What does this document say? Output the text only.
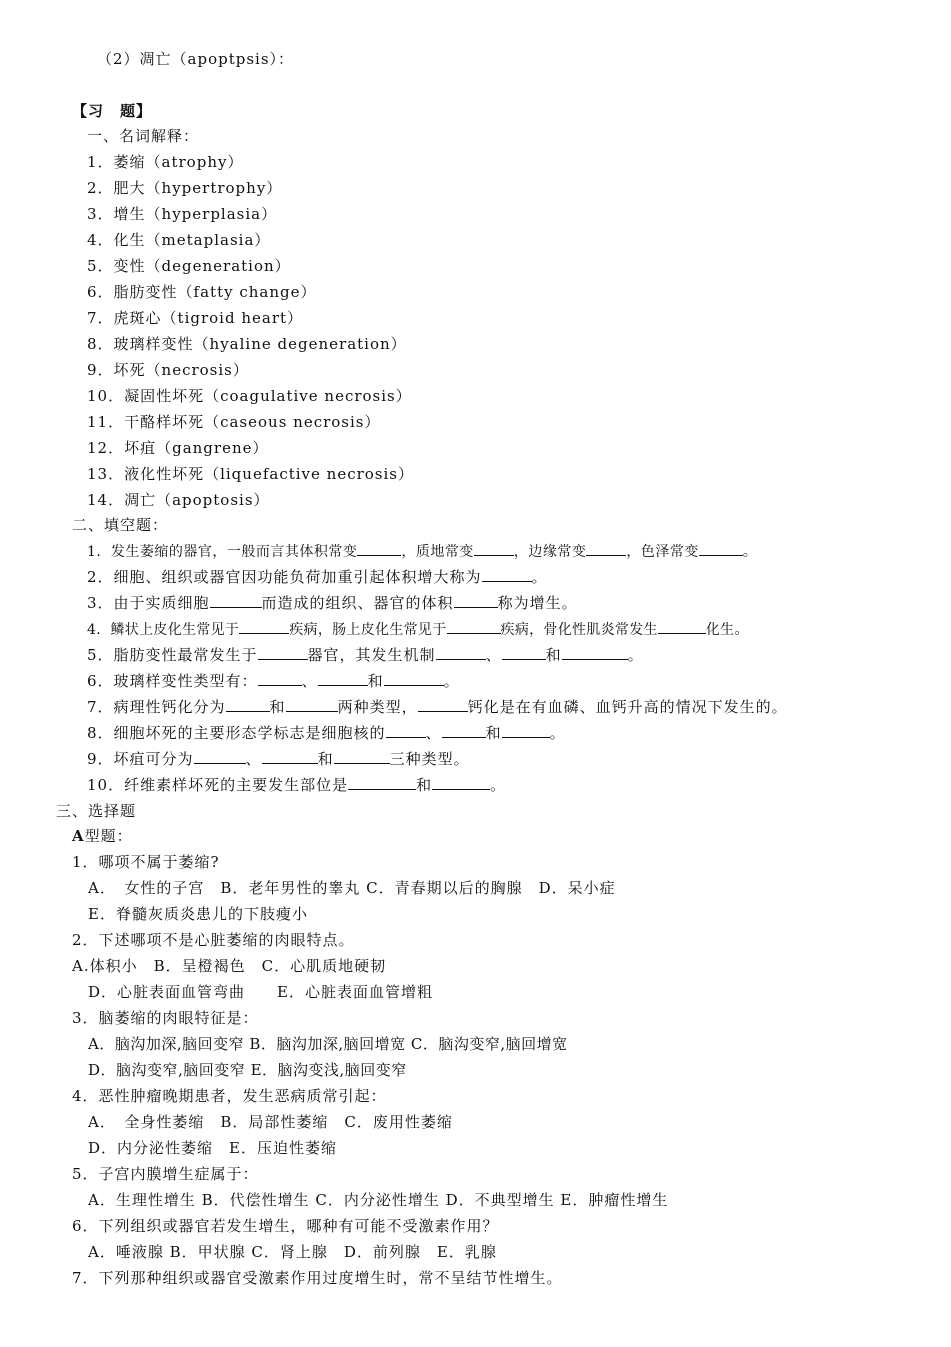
（2）凋亡（apoptpsis）：
【习　题】
一、名词解释：
1．萎缩（atrophy）
2．肥大（hypertrophy）
3．增生（hyperplasia）
4．化生（metaplasia）
5．变性（degeneration）
6．脂肪变性（fatty change）
7．虎斑心（tigroid heart）
8．玻璃样变性（hyaline degeneration）
9．坏死（necrosis）
10．凝固性坏死（coagulative necrosis）
11．干酪样坏死（caseous necrosis）
12．坏疽（gangrene）
13．液化性坏死（liquefactive necrosis）
14．凋亡（apoptosis）
二、填空题：
1．发生萎缩的器官，一般而言其体积常变	，质地常变	，边缘常变	，色泽常变	。
2．细胞、组织或器官因功能负荷加重引起体积增大称为	。
3．由于实质细胞	而造成的组织、器官的体积	称为增生。
4．鳞状上皮化生常见于	疾病，肠上皮化生常见于	疾病，骨化性肌炎常发生	化生。
5．脂肪变性最常发生于	器官，其发生机制	、	和	。
6．玻璃样变性类型有：	、	和	。
7．病理性钙化分为	和	两种类型，	钙化是在有血磷、血钙升高的情况下发生的。
8．细胞坏死的主要形态学标志是细胞核的	、	和	。
9．坏疽可分为	、	和	三种类型。
10．纤维素样坏死的主要发生部位是	和	。
三、选择题
A型题：
1．哪项不属于萎缩?
A．　女性的子宫　B．老年男性的睾丸 C．青春期以后的胸腺　D．呆小症
E．脊髓灰质炎患儿的下肢瘦小
2．下述哪项不是心脏萎缩的肉眼特点。
A.体积小　B．呈橙褐色　C．心肌质地硬韧
D．心脏表面血管弯曲　　E．心脏表面血管增粗
3．脑萎缩的肉眼特征是：
A．脑沟加深,脑回变窄 B．脑沟加深,脑回增宽 C．脑沟变窄,脑回增宽
D．脑沟变窄,脑回变窄 E．脑沟变浅,脑回变窄
4．恶性肿瘤晚期患者，发生恶病质常引起：
A．　全身性萎缩　B．局部性萎缩　C．废用性萎缩
D．内分泌性萎缩　E．压迫性萎缩
5．子宫内膜增生症属于：
A．生理性增生 B．代偿性增生 C．内分泌性增生 D．不典型增生 E．肿瘤性增生
6．下列组织或器官若发生增生，哪种有可能不受激素作用？
A．唾液腺 B．甲状腺 C．肾上腺　D．前列腺　E．乳腺
7．下列那种组织或器官受激素作用过度增生时，常不呈结节性增生。
